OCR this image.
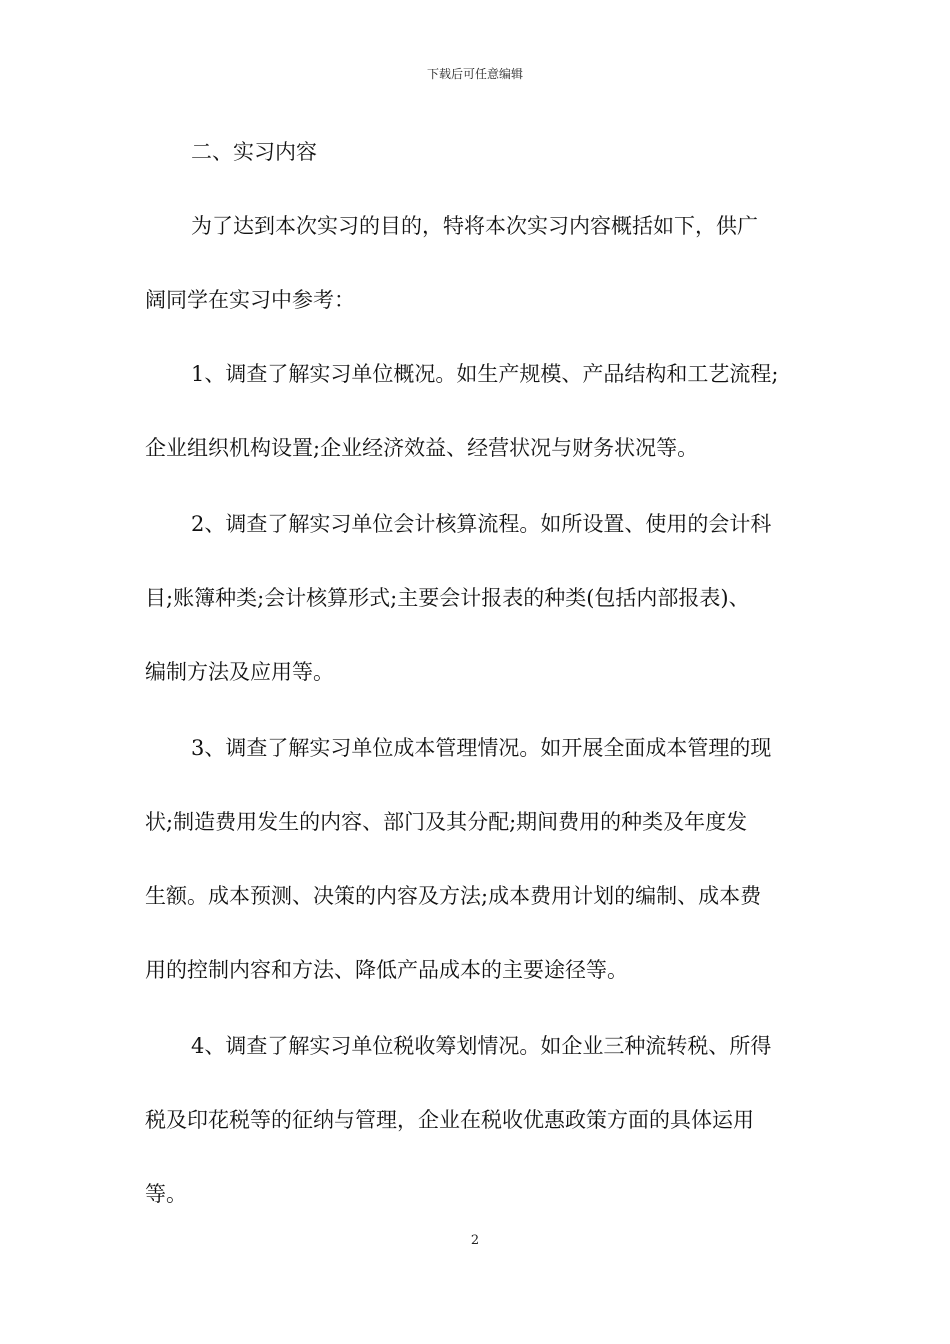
下载后可任意编辑
二、实习内容
为了达到本次实习的目的，特将本次实习内容概括如下，供广
阔同学在实习中参考：
1、调查了解实习单位概况。如生产规模、产品结构和工艺流程;
企业组织机构设置;企业经济效益、经营状况与财务状况等。
2、调查了解实习单位会计核算流程。如所设置、使用的会计科
目;账簿种类;会计核算形式;主要会计报表的种类(包括内部报表)、
编制方法及应用等。
3、调查了解实习单位成本管理情况。如开展全面成本管理的现
状;制造费用发生的内容、部门及其分配;期间费用的种类及年度发
生额。成本预测、决策的内容及方法;成本费用计划的编制、成本费
用的控制内容和方法、降低产品成本的主要途径等。
4、调查了解实习单位税收筹划情况。如企业三种流转税、所得
税及印花税等的征纳与管理，企业在税收优惠政策方面的具体运用
等。
2
